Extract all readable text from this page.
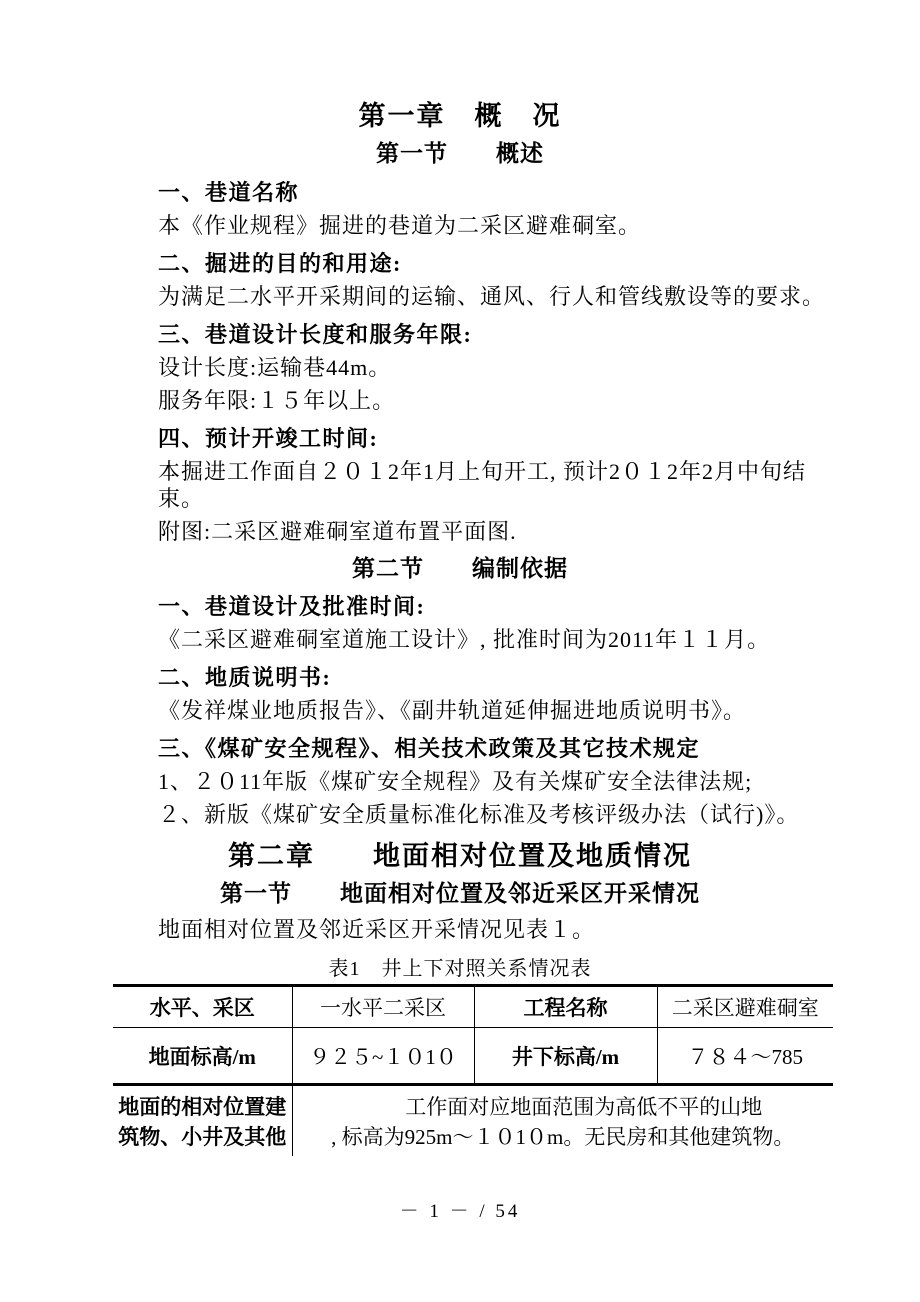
第一章　概　况
第一节　　概述

一、巷道名称

本《作业规程》掘进的巷道为二采区避难硐室。

二、掘进的目的和用途:

为满足二水平开采期间的运输、通风、行人和管线敷设等的要求。

三、巷道设计长度和服务年限:

设计长度:运输巷44m。

服务年限:１５年以上。

四、预计开竣工时间:

本掘进工作面自２０１2年1月上旬开工, 预计2０１2年2月中旬结束。

附图:二采区避难硐室道布置平面图.

第二节　　编制依据

一、巷道设计及批准时间:

《二采区避难硐室道施工设计》, 批准时间为2011年１１月。

二、地质说明书:

《发祥煤业地质报告》、《副井轨道延伸掘进地质说明书》。

三、《煤矿安全规程》、相关技术政策及其它技术规定

1、２０11年版《煤矿安全规程》及有关煤矿安全法律法规;

２、新版《煤矿安全质量标准化标准及考核评级办法（试行)》。

第二章　　地面相对位置及地质情况
第一节　　地面相对位置及邻近采区开采情况

地面相对位置及邻近采区开采情况见表１。

表1　井上下对照关系情况表
水平、采区	一水平二采区	工程名称	二采区避难硐室
地面标高/m	９２５~１０1０	井下标高/m	７８４～785
地面的相对位置建筑物、小井及其他	工作面对应地面范围为高低不平的山地
, 标高为925m～１０1０m。无民房和其他建筑物。		
－ 1 － / 54
